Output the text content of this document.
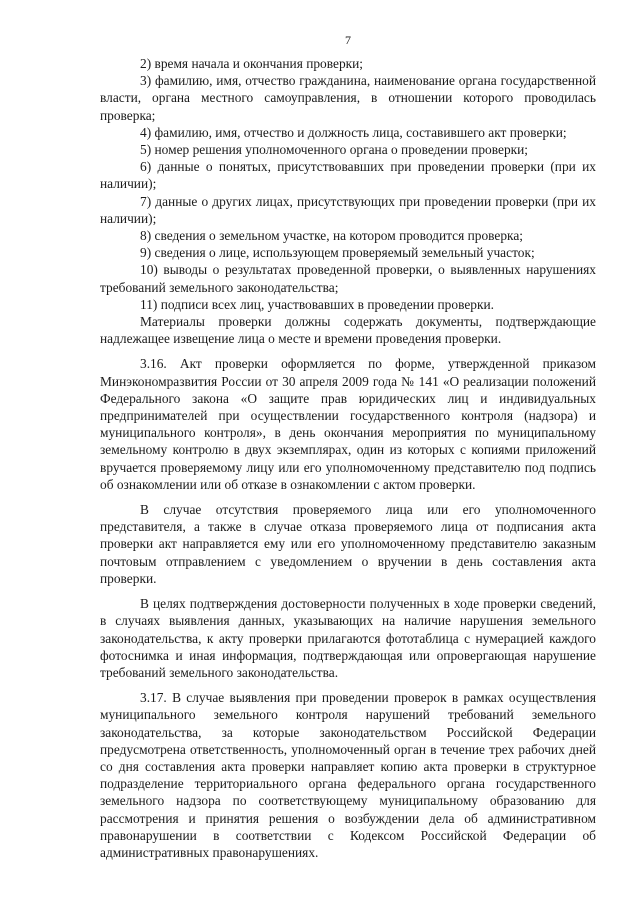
7

2) время начала и окончания проверки;

3) фамилию, имя, отчество гражданина, наименование органа государственной власти, органа местного самоуправления, в отношении которого проводилась проверка;

4) фамилию, имя, отчество и должность лица, составившего акт проверки;

5) номер решения уполномоченного органа о проведении проверки;

6) данные о понятых, присутствовавших при проведении проверки (при их наличии);

7) данные о других лицах, присутствующих при проведении проверки (при их наличии);

8) сведения о земельном участке, на котором проводится проверка;

9) сведения о лице, использующем проверяемый земельный участок;

10) выводы о результатах проведенной проверки, о выявленных нарушениях требований земельного законодательства;

11) подписи всех лиц, участвовавших в проведении проверки.

Материалы проверки должны содержать документы, подтверждающие надлежащее извещение лица о месте и времени проведения проверки.

3.16. Акт проверки оформляется по форме, утвержденной приказом Минэкономразвития России от 30 апреля 2009 года № 141 «О реализации положений Федерального закона «О защите прав юридических лиц и индивидуальных предпринимателей при осуществлении государственного контроля (надзора) и муниципального контроля», в день окончания мероприятия по муниципальному земельному контролю в двух экземплярах, один из которых с копиями приложений вручается проверяемому лицу или его уполномоченному представителю под подпись об ознакомлении или об отказе в ознакомлении с актом проверки.

В случае отсутствия проверяемого лица или его уполномоченного представителя, а также в случае отказа проверяемого лица от подписания акта проверки акт направляется ему или его уполномоченному представителю заказным почтовым отправлением с уведомлением о вручении в день составления акта проверки.

В целях подтверждения достоверности полученных в ходе проверки сведений, в случаях выявления данных, указывающих на наличие нарушения земельного законодательства, к акту проверки прилагаются фототаблица с нумерацией каждого фотоснимка и иная информация, подтверждающая или опровергающая нарушение требований земельного законодательства.

3.17. В случае выявления при проведении проверок в рамках осуществления муниципального земельного контроля нарушений требований земельного законодательства, за которые законодательством Российской Федерации предусмотрена ответственность, уполномоченный орган в течение трех рабочих дней со дня составления акта проверки направляет копию акта проверки в структурное подразделение территориального органа федерального органа государственного земельного надзора по соответствующему муниципальному образованию для рассмотрения и принятия решения о возбуждении дела об административном правонарушении в соответствии с Кодексом Российской Федерации об административных правонарушениях.
